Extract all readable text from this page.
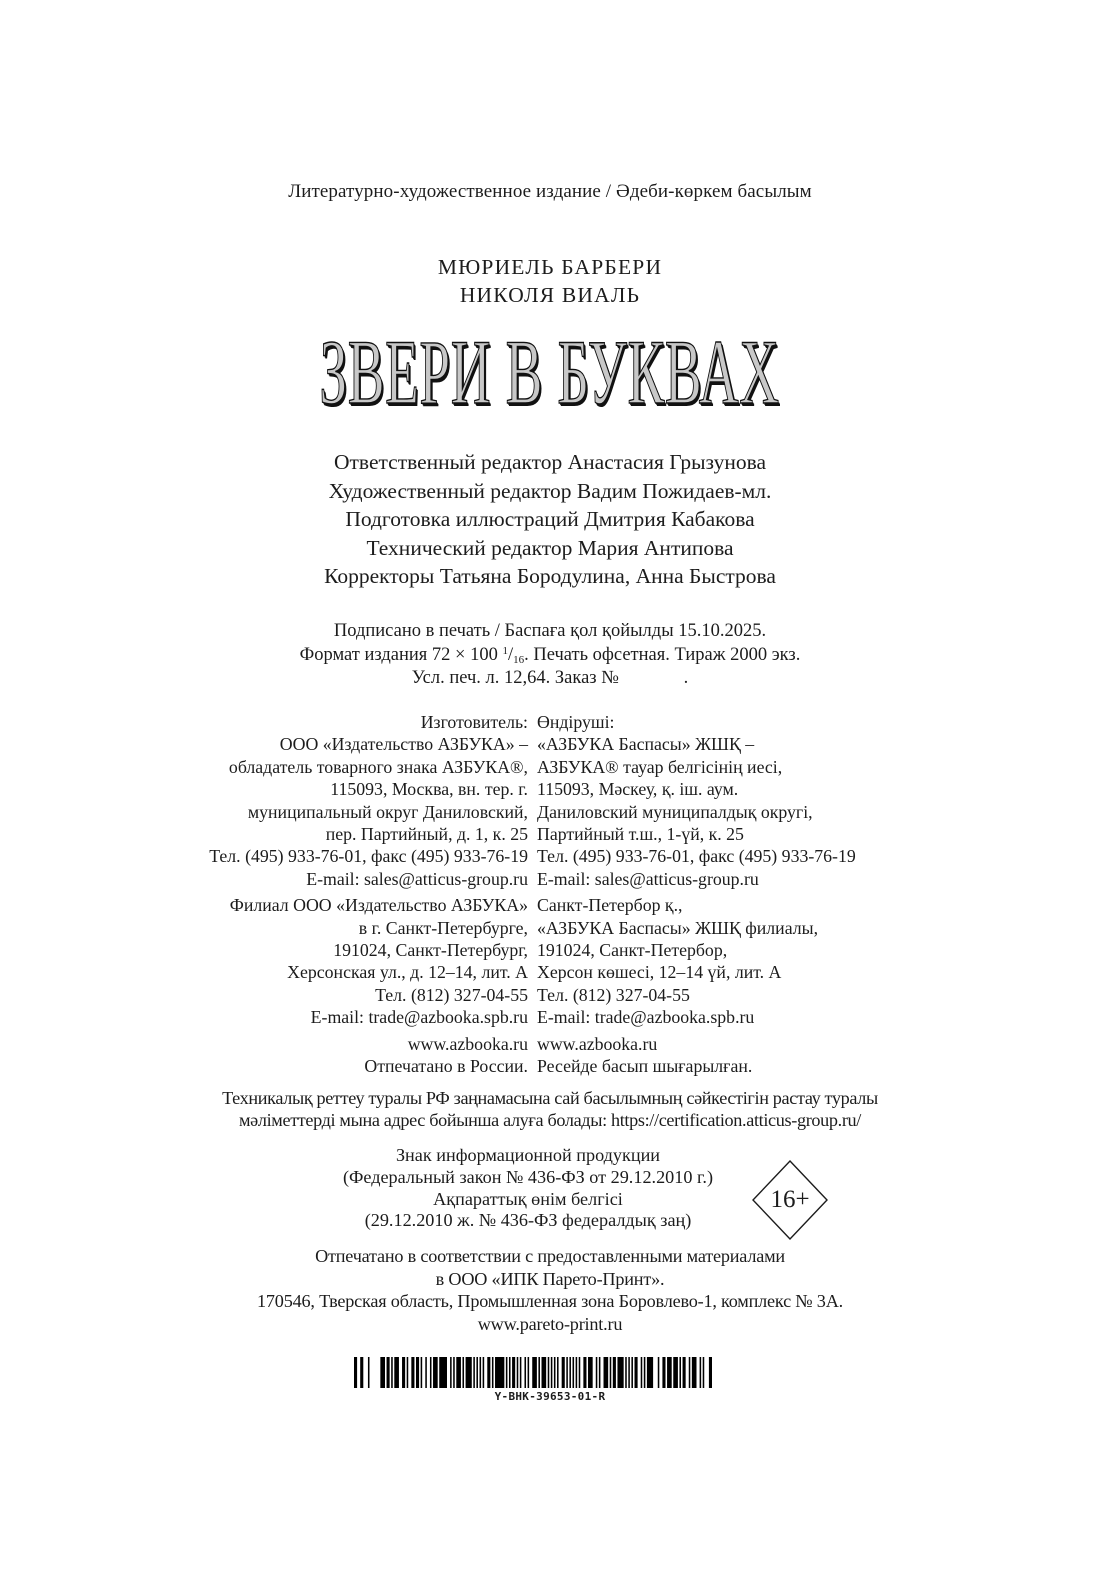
Литературно-художественное издание / Әдеби-көркем басылым
МЮРИЕЛЬ БАРБЕРИ
НИКОЛЯ ВИАЛЬ
ЗВЕРИ В БУКВАХ
Ответственный редактор Анастасия Грызунова
Художественный редактор Вадим Пожидаев-мл.
Подготовка иллюстраций Дмитрия Кабакова
Технический редактор Мария Антипова
Корректоры Татьяна Бородулина, Анна Быстрова
Подписано в печать / Баспаға қол қойылды 15.10.2025.
Формат издания 72 × 100 $^1/_{16}$. Печать офсетная. Тираж 2000 экз.
Усл. печ. л. 12,64. Заказ №              .
Изготовитель:
ООО «Издательство АЗБУКА» –
обладатель товарного знака АЗБУКА®,
115093, Москва, вн. тер. г.
муниципальный округ Даниловский,
пер. Партийный, д. 1, к. 25
Тел. (495) 933-76-01, факс (495) 933-76-19
E-mail: sales@atticus-group.ru
Филиал ООО «Издательство АЗБУКА»
в г. Санкт-Петербурге,
191024, Санкт-Петербург,
Херсонская ул., д. 12–14, лит. А
Тел. (812) 327-04-55
E-mail: trade@azbooka.spb.ru
www.azbooka.ru
Отпечатано в России.
Өндіруші:
«АЗБУКА Баспасы» ЖШҚ –
АЗБУКА® тауар белгісінің иесі,
115093, Мәскеу, қ. іш. аум.
Даниловский муниципалдық округі,
Партийный т.ш., 1-үй, к. 25
Тел. (495) 933-76-01, факс (495) 933-76-19
E-mail: sales@atticus-group.ru
Санкт-Петербор қ.,
«АЗБУКА Баспасы» ЖШҚ филиалы,
191024, Санкт-Петербор,
Херсон көшесі, 12–14 үй, лит. А
Тел. (812) 327-04-55
E-mail: trade@azbooka.spb.ru
www.azbooka.ru
Ресейде басып шығарылған.
Техникалық реттеу туралы РФ заңнамасына сай басылымның сәйкестігін растау туралы
мәліметтерді мына адрес бойынша алуға болады: https://certification.atticus-group.ru/
Знак информационной продукции
(Федеральный закон № 436-ФЗ от 29.12.2010 г.)
Ақпараттық өнім белгісі
(29.12.2010 ж. № 436-ФЗ федералдық заң)
16+
Отпечатано в соответствии с предоставленными материалами
в ООО «ИПК Парето-Принт».
170546, Тверская область, Промышленная зона Боровлево-1, комплекс № 3А.
www.pareto-print.ru
Y-BHK-39653-01-R
